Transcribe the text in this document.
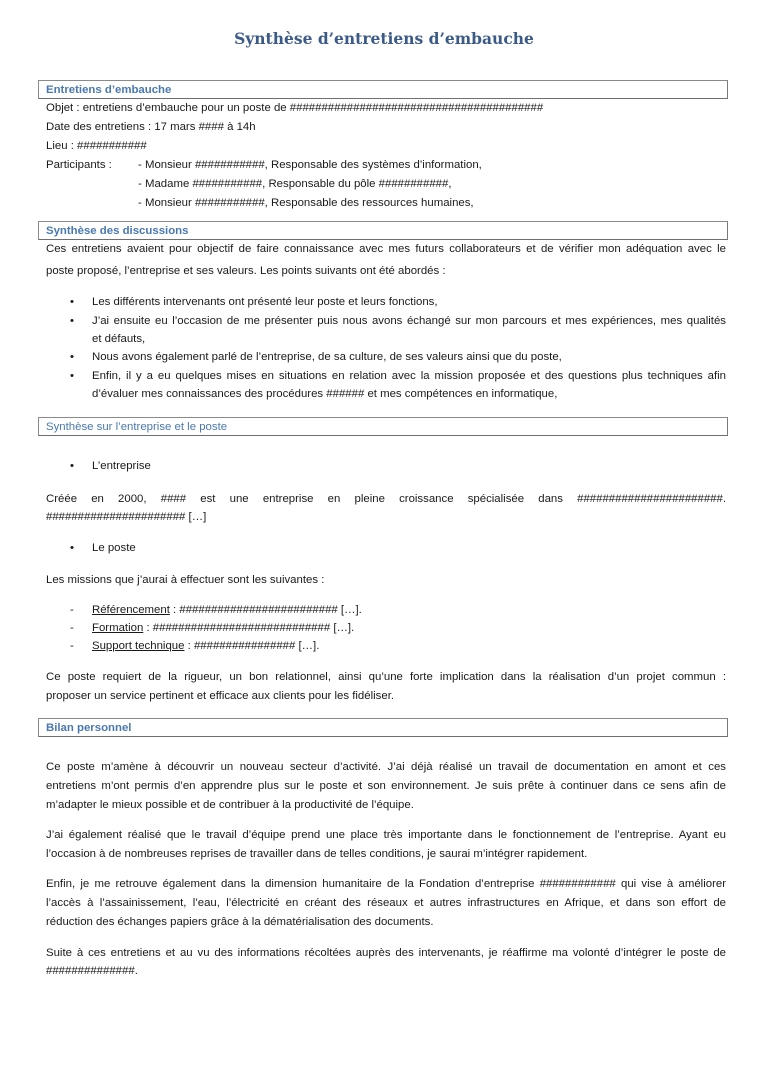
Synthèse d’entretiens d’embauche
Entretiens d’embauche
Objet : entretiens d’embauche pour un poste de ########################################
Date des entretiens : 17 mars #### à 14h
Lieu : ###########
Participants : - Monsieur ###########, Responsable des systèmes d’information,
- Madame ###########, Responsable du pôle ###########,
- Monsieur ###########, Responsable des ressources humaines,
Synthèse des discussions
Ces entretiens avaient pour objectif de faire connaissance avec mes futurs collaborateurs et de vérifier mon adéquation avec le
poste proposé, l’entreprise et ses valeurs. Les points suivants ont été abordés :
• Les différents intervenants ont présenté leur poste et leurs fonctions,
• J’ai ensuite eu l’occasion de me présenter puis nous avons échangé sur mon parcours et mes expériences, mes qualités
et défauts,
• Nous avons également parlé de l’entreprise, de sa culture, de ses valeurs ainsi que du poste,
• Enfin, il y a eu quelques mises en situations en relation avec la mission proposée et des questions plus techniques afin
d’évaluer mes connaissances des procédures ###### et mes compétences en informatique,
Synthèse sur l’entreprise et le poste
• L’entreprise
Créée en 2000, #### est une entreprise en pleine croissance spécialisée dans #######################.
###################### […]
• Le poste
Les missions que j’aurai à effectuer sont les suivantes :
- Référencement : ######################### […].
- Formation : ############################ […].
- Support technique : ################ […].
Ce poste requiert de la rigueur, un bon relationnel, ainsi qu’une forte implication dans la réalisation d’un projet commun :
proposer un service pertinent et efficace aux clients pour les fidéliser.
Bilan personnel
Ce poste m’amène à découvrir un nouveau secteur d’activité. J’ai déjà réalisé un travail de documentation en amont et ces
entretiens m’ont permis d’en apprendre plus sur le poste et son environnement. Je suis prête à continuer dans ce sens afin de
m’adapter le mieux possible et de contribuer à la productivité de l’équipe.
J’ai également réalisé que le travail d’équipe prend une place très importante dans le fonctionnement de l’entreprise. Ayant eu
l’occasion à de nombreuses reprises de travailler dans de telles conditions, je saurai m’intégrer rapidement.
Enfin, je me retrouve également dans la dimension humanitaire de la Fondation d’entreprise ############ qui vise à améliorer
l’accès à l’assainissement, l’eau, l’électricité en créant des réseaux et autres infrastructures en Afrique, et dans son effort de
réduction des échanges papiers grâce à la dématérialisation des documents.
Suite à ces entretiens et au vu des informations récoltées auprès des intervenants, je réaffirme ma volonté d’intégrer le poste de
##############.
